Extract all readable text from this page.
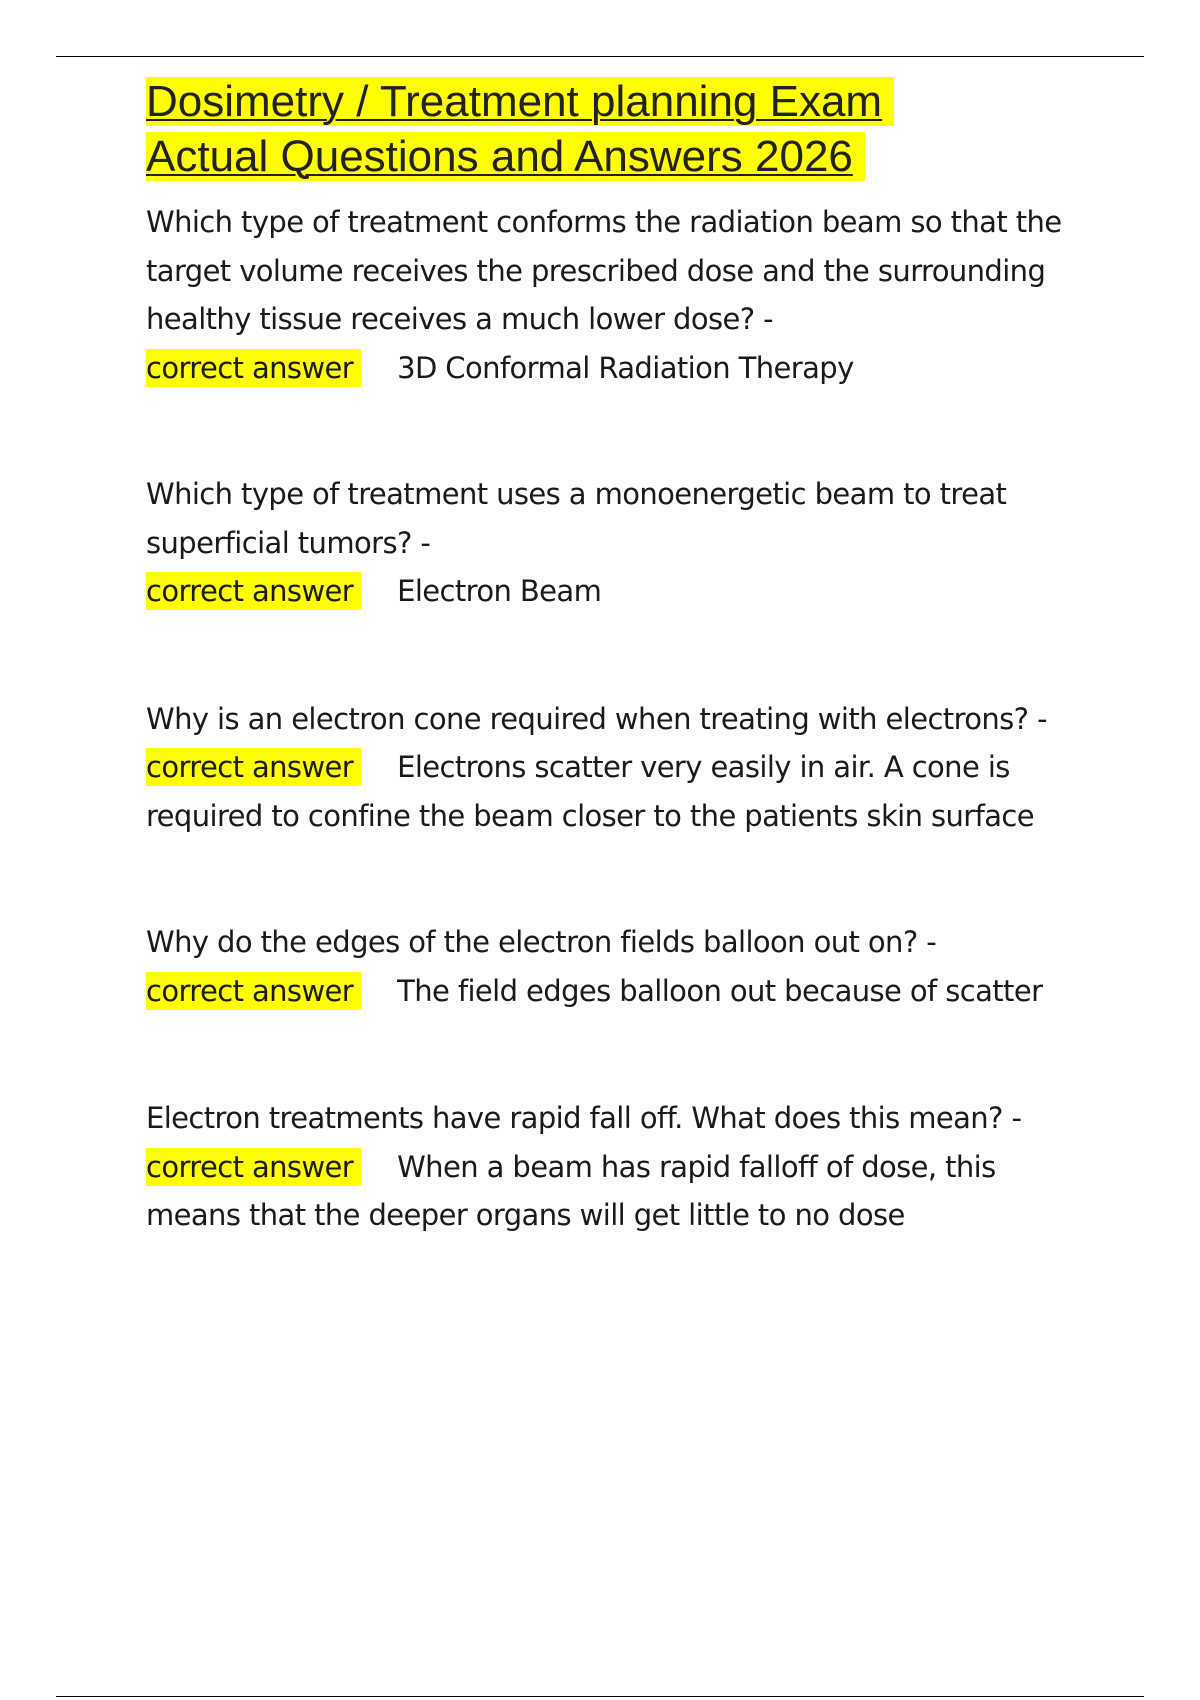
Dosimetry / Treatment planning Exam
Actual Questions and Answers 2026

Which type of treatment conforms the radiation beam so that the
target volume receives the prescribed dose and the surrounding
healthy tissue receives a much lower dose? -

correct answer 3D Conformal Radiation Therapy

Which type of treatment uses a monoenergetic beam to treat
superficial tumors? -

correct answer Electron Beam

Why is an electron cone required when treating with electrons? -

correct answer Electrons scatter very easily in air. A cone is
required to confine the beam closer to the patients skin surface

Why do the edges of the electron fields balloon out on? -

correct answer The field edges balloon out because of scatter

Electron treatments have rapid fall off. What does this mean? -

correct answer When a beam has rapid falloff of dose, this
means that the deeper organs will get little to no dose
